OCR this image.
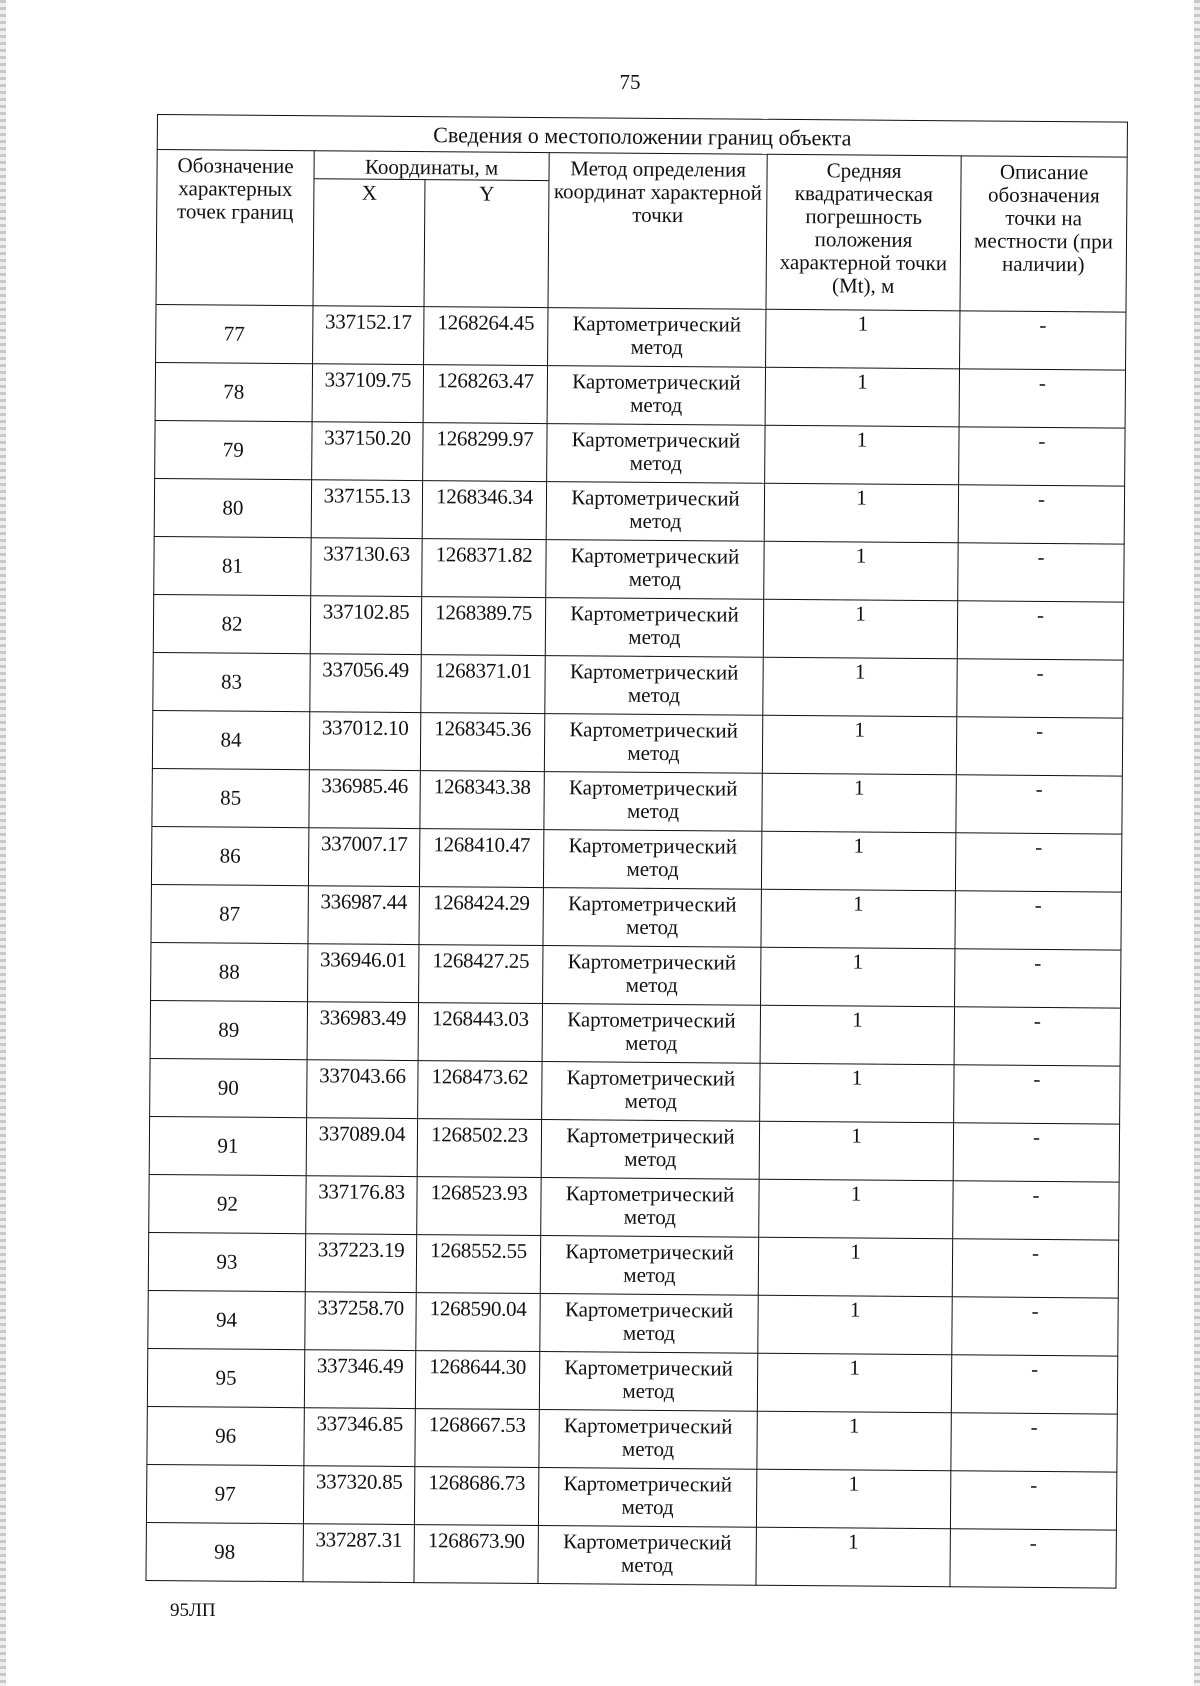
75
Сведения о местоположении границ объекта					
Обозначение характерных точек границ	Координаты, м		Метод определения координат характерной точки	Средняя квадратическая погрешность положения характерной точки (Mt), м	Описание обозначения точки на местности (при наличии)
	X	Y			
77	337152.17	1268264.45	Картометрический метод	1	-
78	337109.75	1268263.47	Картометрический метод	1	-
79	337150.20	1268299.97	Картометрический метод	1	-
80	337155.13	1268346.34	Картометрический метод	1	-
81	337130.63	1268371.82	Картометрический метод	1	-
82	337102.85	1268389.75	Картометрический метод	1	-
83	337056.49	1268371.01	Картометрический метод	1	-
84	337012.10	1268345.36	Картометрический метод	1	-
85	336985.46	1268343.38	Картометрический метод	1	-
86	337007.17	1268410.47	Картометрический метод	1	-
87	336987.44	1268424.29	Картометрический метод	1	-
88	336946.01	1268427.25	Картометрический метод	1	-
89	336983.49	1268443.03	Картометрический метод	1	-
90	337043.66	1268473.62	Картометрический метод	1	-
91	337089.04	1268502.23	Картометрический метод	1	-
92	337176.83	1268523.93	Картометрический метод	1	-
93	337223.19	1268552.55	Картометрический метод	1	-
94	337258.70	1268590.04	Картометрический метод	1	-
95	337346.49	1268644.30	Картометрический метод	1	-
96	337346.85	1268667.53	Картометрический метод	1	-
97	337320.85	1268686.73	Картометрический метод	1	-
98	337287.31	1268673.90	Картометрический метод	1	-
95ЛП
